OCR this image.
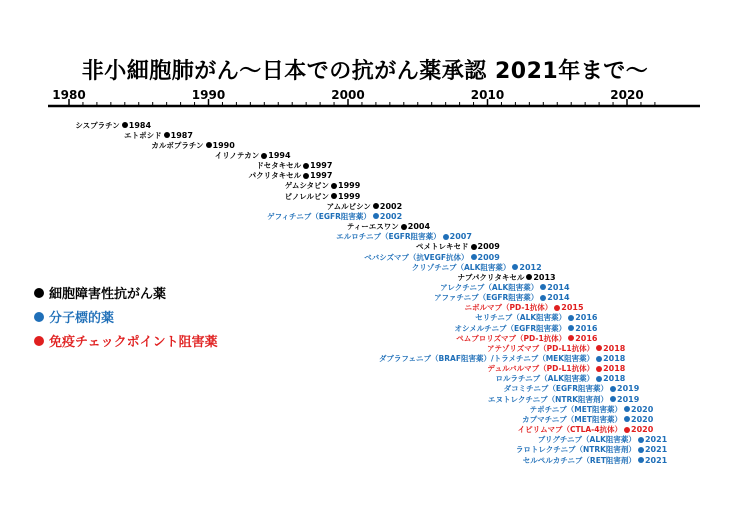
非小細胞肺がん～日本での抗がん薬承認 2021年まで～
1980	1990	2000	2010	2020
シスプラチン 1984
エトポシド 1987
カルボプラチン 1990
イリノテカン 1994
ドセタキセル 1997
パクリタキセル 1997
ゲムシタビン 1999
ビノレルビン 1999
アムルビシン 2002
ゲフィチニブ（EGFR阻害薬） 2002
ティーエスワン 2004
エルロチニブ（EGFR阻害薬） 2007
ペメトレキセド 2009
ベバシズマブ（抗VEGF抗体） 2009
クリゾチニブ（ALK阻害薬） 2012
ナブパクリタキセル 2013
アレクチニブ（ALK阻害薬） 2014
アファチニブ（EGFR阻害薬） 2014
ニボルマブ（PD-1抗体） 2015
セリチニブ（ALK阻害薬） 2016
オシメルチニブ（EGFR阻害薬） 2016
ペムブロリズマブ（PD-1抗体） 2016
アテゾリズマブ（PD-L1抗体） 2018
ダブラフェニブ（BRAF阻害薬）/トラメチニブ（MEK阻害薬） 2018
デュルバルマブ（PD-L1抗体） 2018
ロルラチニブ（ALK阻害薬） 2018
ダコミチニブ（EGFR阻害薬） 2019
エヌトレクチニブ（NTRK阻害剤） 2019
テポチニブ（MET阻害薬） 2020
カプマチニブ（MET阻害薬） 2020
イピリムマブ（CTLA-4抗体） 2020
ブリグチニブ（ALK阻害薬） 2021
ラロトレクチニブ（NTRK阻害剤） 2021
セルペルカチニブ（RET阻害剤） 2021
細胞障害性抗がん薬
分子標的薬
免疫チェックポイント阻害薬
